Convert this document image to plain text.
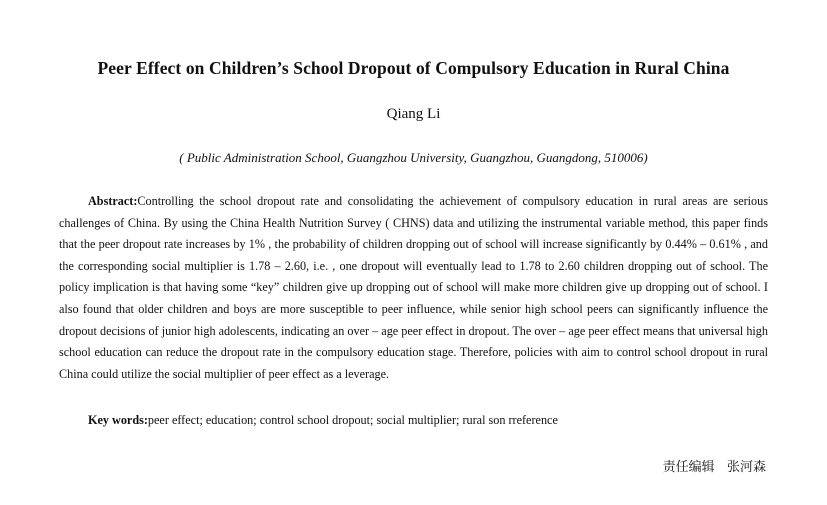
Peer Effect on Children’s School Dropout of Compulsory Education in Rural China
Qiang Li
( Public Administration School, Guangzhou University, Guangzhou, Guangdong, 510006)

Abstract:Controlling the school dropout rate and consolidating the achievement of compulsory education in rural areas are serious challenges of China. By using the China Health Nutrition Survey ( CHNS) data and utilizing the instrumental variable method, this paper finds that the peer dropout rate increases by 1% , the probability of children dropping out of school will increase significantly by 0.44% – 0.61% , and the corresponding social multiplier is 1.78 – 2.60, i.e. , one dropout will eventually lead to 1.78 to 2.60 children dropping out of school. The policy implication is that having some “key” children give up dropping out of school will make more children give up dropping out of school. I also found that older children and boys are more susceptible to peer influence, while senior high school peers can significantly influence the dropout decisions of junior high adolescents, indicating an over – age peer effect in dropout. The over – age peer effect means that universal high school education can reduce the dropout rate in the compulsory education stage. Therefore, policies with aim to control school dropout in rural China could utilize the social multiplier of peer effect as a leverage.

Key words:peer effect; education; control school dropout; social multiplier; rural son rreference

责任编辑   张河森
